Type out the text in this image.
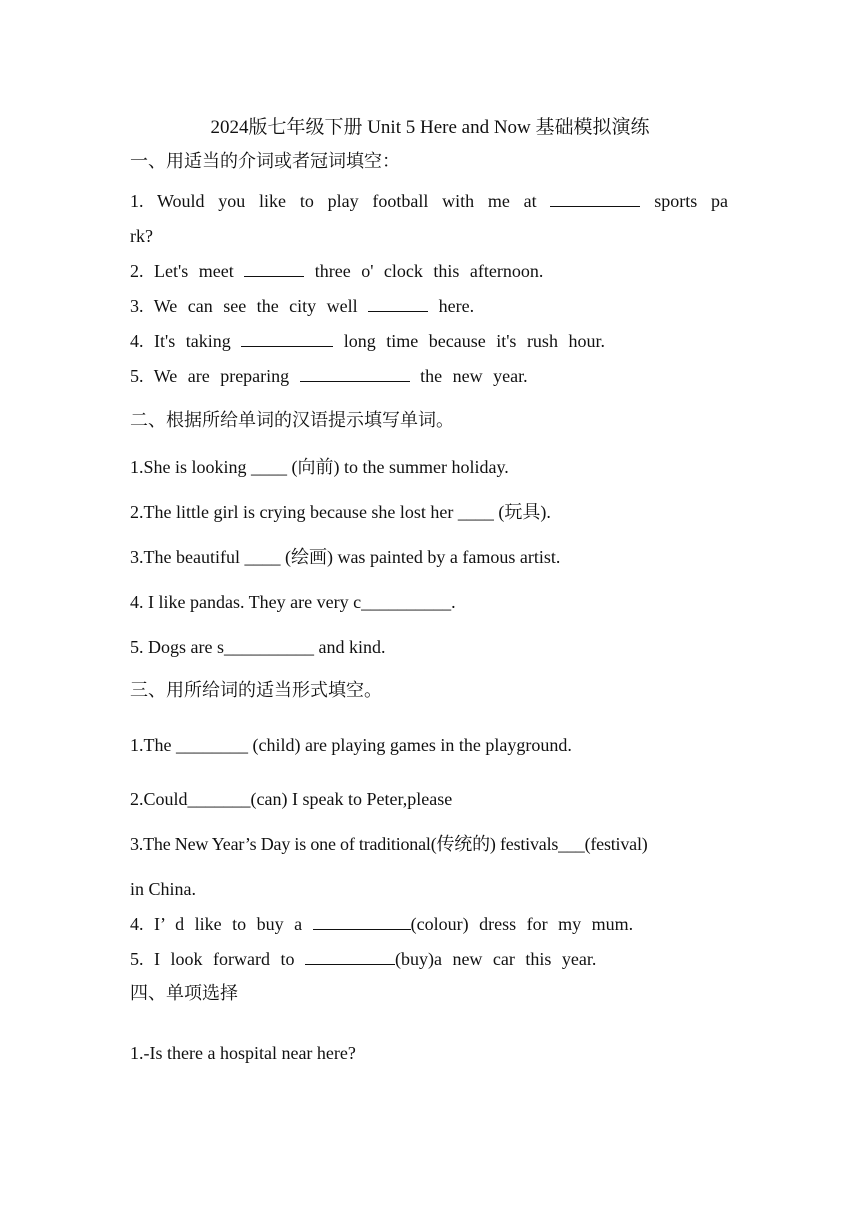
2024版七年级下册 Unit 5 Here and Now 基础模拟演练
一、用适当的介词或者冠词填空：
1. Would you like to play football with me at	sports pa
rk?
2. Let's meet	three o' clock this afternoon.
3. We can see the city well	here.
4. It's taking	long time because it's rush hour.
5. We are preparing	the new year.
二、根据所给单词的汉语提示填写单词。
1.She is looking ____ (向前) to the summer holiday.
2.The little girl is crying because she lost her ____ (玩具).
3.The beautiful ____ (绘画) was painted by a famous artist.
4. I like pandas. They are very c__________.
5. Dogs are s__________ and kind.
三、用所给词的适当形式填空。
1.The ________ (child) are playing games in the playground.
2.Could_______(can) I speak to Peter,please
3.The New Year’s Day is one of traditional(传统的) festivals___(festival)
in China.
4. I’ d like to buy a	(colour) dress for my mum.
5. I look forward to	(buy)a new car this year.
四、单项选择
1.-Is there a hospital near here?
